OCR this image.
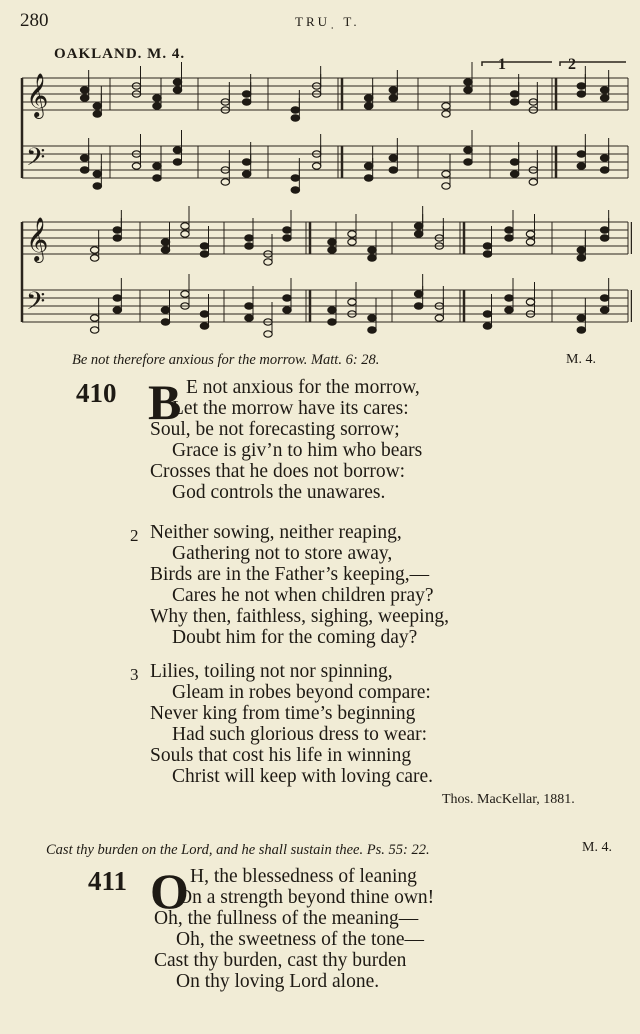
280	TRUˌ T.
OAKLAND. M. 4.
1	2
𝄞
𝄢
𝄞
𝄢
Be not therefore anxious for the morrow. Matt. 6: 28.	M. 4.
410 B E not anxious for the morrow,
Let the morrow have its cares:
Soul, be not forecasting sorrow;
Grace is giv’n to him who bears
Crosses that he does not borrow:
God controls the unawares.
2 Neither sowing, neither reaping,
Gathering not to store away,
Birds are in the Father’s keeping,—
Cares he not when children pray?
Why then, faithless, sighing, weeping,
Doubt him for the coming day?
3 Lilies, toiling not nor spinning,
Gleam in robes beyond compare:
Never king from time’s beginning
Had such glorious dress to wear:
Souls that cost his life in winning
Christ will keep with loving care.
Thos. MacKellar, 1881.
Cast thy burden on the Lord, and he shall sustain thee. Ps. 55: 22.	M. 4.
411 O H, the blessedness of leaning
On a strength beyond thine own!
Oh, the fullness of the meaning—
Oh, the sweetness of the tone—
Cast thy burden, cast thy burden
On thy loving Lord alone.
